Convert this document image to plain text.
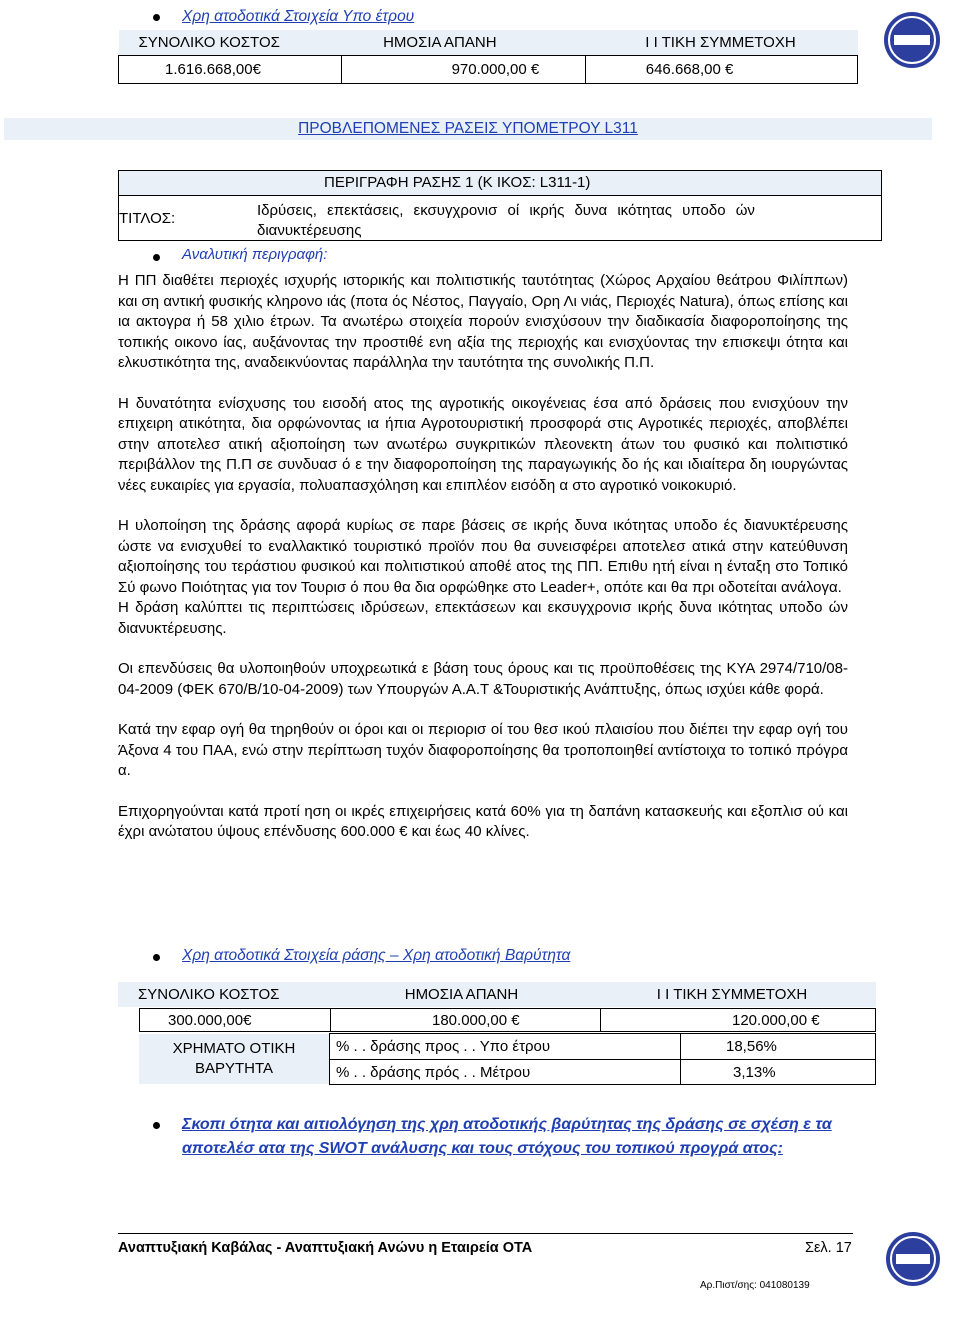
Χρη ατοδοτικά Στοιχεία Υπο έτρου
ΣΥΝΟΛΙΚΟ ΚΟΣΤΟΣ	ΗΜΟΣΙΑ ΑΠΑΝΗ	Ι Ι ΤΙΚΗ ΣΥΜΜΕΤΟΧΗ
1.616.668,00€	970.000,00 €	646.668,00 €
ΠΡΟΒΛΕΠΟΜΕΝΕΣ ΡΑΣΕΙΣ ΥΠΟΜΕΤΡΟΥ L311
ΠΕΡΙΓΡΑΦΗ ΡΑΣΗΣ 1 (Κ ΙΚΟΣ: L311-1)
ΤΙΤΛΟΣ:	Ιδρύσεις, επεκτάσεις, εκσυγχρονισ οί ικρής δυνα ικότητας υποδο ών
διανυκτέρευσης
Αναλυτική περιγραφή:

Η ΠΠ διαθέτει περιοχές ισχυρής ιστορικής και πολιτιστικής ταυτότητας (Χώρος Αρχαίου θεάτρου Φιλίππων) και ση αντική φυσικής κληρονο ιάς (ποτα ός Νέστος, Παγγαίο, Ορη Λι νιάς, Περιοχές Natura), όπως επίσης και ια ακτογρα ή 58 χιλιο έτρων. Τα ανωτέρω στοιχεία πορούν ενισχύσουν την διαδικασία διαφοροποίησης της τοπικής οικονο ίας, αυξάνοντας την προστιθέ ενη αξία της περιοχής και ενισχύοντας την επισκεψι ότητα και ελκυστικότητα της, αναδεικνύοντας παράλληλα την ταυτότητα της συνολικής Π.Π.

Η δυνατότητα ενίσχυσης του εισοδή ατος της αγροτικής οικογένειας έσα από δράσεις που ενισχύουν την επιχειρη ατικότητα, δια ορφώνοντας ια ήπια Αγροτουριστική προσφορά στις Αγροτικές περιοχές, αποβλέπει στην αποτελεσ ατική αξιοποίηση των ανωτέρω συγκριτικών πλεονεκτη άτων του φυσικό και πολιτιστικό περιβάλλον της Π.Π σε συνδυασ ό ε την διαφοροποίηση της παραγωγικής δο ής και ιδιαίτερα δη ιουργώντας νέες ευκαιρίες για εργασία, πολυαπασχόληση και επιπλέον εισόδη α στο αγροτικό νοικοκυριό.

Η υλοποίηση της δράσης αφορά κυρίως σε παρε βάσεις σε ικρής δυνα ικότητας υποδο ές διανυκτέρευσης ώστε να ενισχυθεί το εναλλακτικό τουριστικό προϊόν που θα συνεισφέρει αποτελεσ ατικά στην κατεύθυνση αξιοποίησης του τεράστιου φυσικού και πολιτιστικού αποθέ ατος της ΠΠ. Επιθυ ητή είναι η ένταξη στο Τοπικό Σύ φωνο Ποιότητας για τον Τουρισ ό που θα δια ορφώθηκε στο Leader+, οπότε και θα πρι οδοτείται ανάλογα.

Η δράση καλύπτει τις περιπτώσεις ιδρύσεων, επεκτάσεων και εκσυγχρονισ ικρής δυνα ικότητας υποδο ών διανυκτέρευσης.

Οι επενδύσεις θα υλοποιηθούν υποχρεωτικά ε βάση τους όρους και τις προϋποθέσεις της ΚΥΑ 2974/710/08-04-2009 (ΦΕΚ 670/Β/10-04-2009) των Υπουργών Α.Α.Τ &Τουριστικής Ανάπτυξης, όπως ισχύει κάθε φορά.

Κατά την εφαρ ογή θα τηρηθούν οι όροι και οι περιορισ οί του θεσ ικού πλαισίου που διέπει την εφαρ ογή του Άξονα 4 του ΠΑΑ, ενώ στην περίπτωση τυχόν διαφοροποίησης θα τροποποιηθεί αντίστοιχα το τοπικό πρόγρα α.

Επιχορηγούνται κατά προτί ηση οι ικρές επιχειρήσεις κατά 60% για τη δαπάνη κατασκευής και εξοπλισ ού και έχρι ανώτατου ύψους επένδυσης 600.000 € και έως 40 κλίνες.

Χρη ατοδοτικά Στοιχεία ράσης – Χρη ατοδοτική Βαρύτητα
ΣΥΝΟΛΙΚΟ ΚΟΣΤΟΣ	ΗΜΟΣΙΑ ΑΠΑΝΗ	Ι Ι ΤΙΚΗ ΣΥΜΜΕΤΟΧΗ
300.000,00€	180.000,00 €	120.000,00 €
ΧΡΗΜΑΤΟ ΟΤΙΚΗ ΒΑΡΥΤΗΤΑ
% . . δράσης προς . . Υπο έτρου	18,56%
% . . δράσης πρός . . Μέτρου	3,13%
Σκοπι ότητα και αιτιολόγηση της χρη ατοδοτικής βαρύτητας της δράσης σε σχέση ε τα αποτελέσ ατα της SWOT ανάλυσης και τους στόχους του τοπικού προγρά ατος:
Αναπτυξιακή Καβάλας - Αναπτυξιακή Ανώνυ η Εταιρεία ΟΤΑ	Σελ. 17
Αρ.Πιστ/σης: 041080139
